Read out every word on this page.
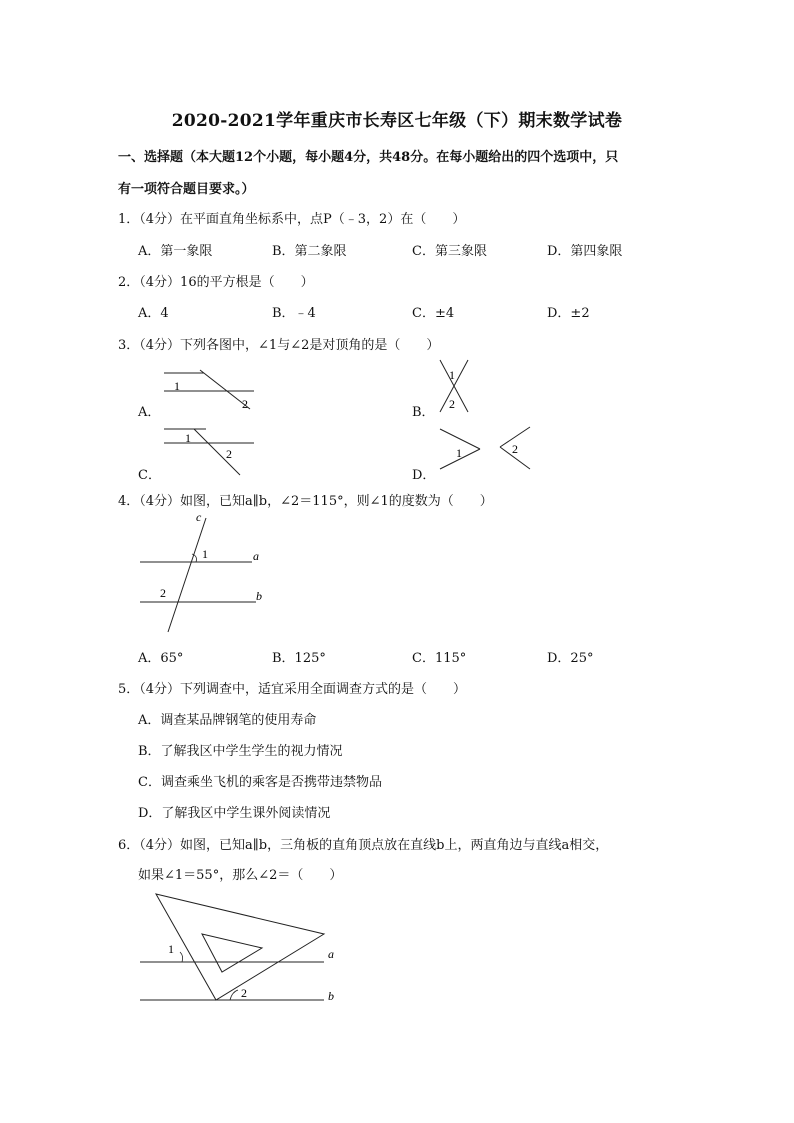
2020-2021学年重庆市长寿区七年级（下）期末数学试卷
一、选择题（本大题12个小题，每小题4分，共48分。在每小题给出的四个选项中，只
有一项符合题目要求。）
1．（4分）在平面直角坐标系中，点P（﹣3，2）在（　　）
A．第一象限	B．第二象限	C．第三象限	D．第四象限
2．（4分）16的平方根是（　　）
A．4	B．﹣4	C．±4	D．±2
3．（4分）下列各图中，∠1与∠2是对顶角的是（　　）
A．	B．
C．	D．
1
2
1
2
1
2	1	2
4．（4分）如图，已知a∥b，∠2＝115°，则∠1的度数为（　　）
c
a
b
1
2
A．65°	B．125°	C．115°	D．25°
5．（4分）下列调查中，适宜采用全面调查方式的是（　　）
A．调查某品牌钢笔的使用寿命
B．了解我区中学生学生的视力情况
C．调查乘坐飞机的乘客是否携带违禁物品
D．了解我区中学生课外阅读情况
6．（4分）如图，已知a∥b，三角板的直角顶点放在直线b上，两直角边与直线a相交，
如果∠1＝55°，那么∠2＝（　　）
a
b
1
2
